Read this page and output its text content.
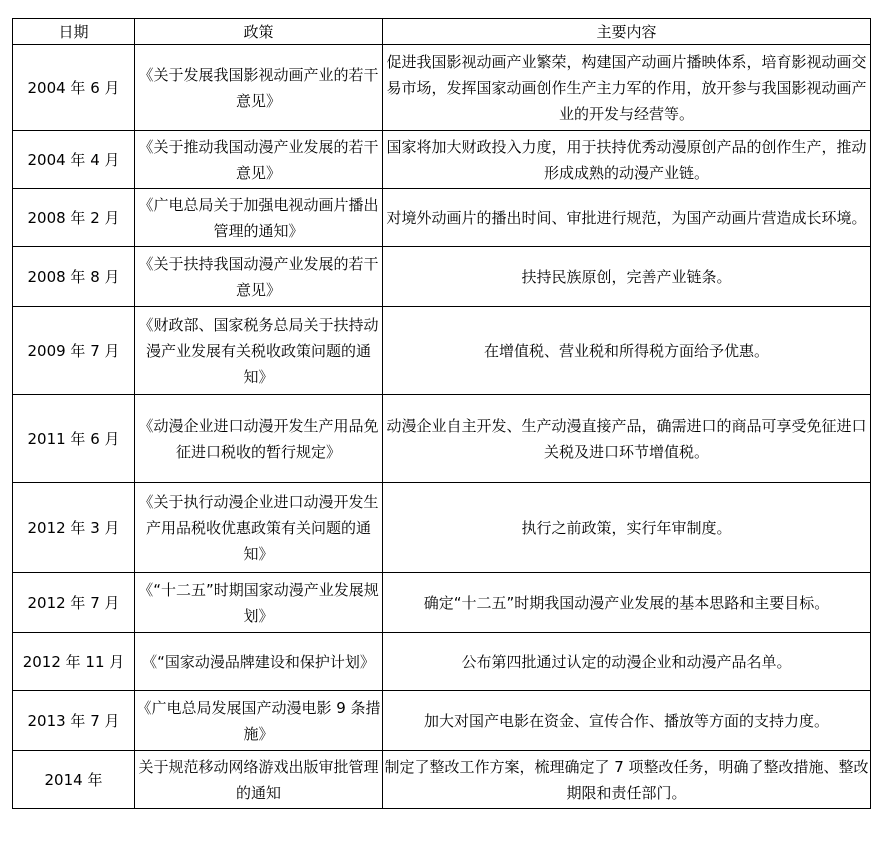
日期	政策	主要内容
2004 年 6 月	《关于发展我国影视动画产业的若干意见》	促进我国影视动画产业繁荣，构建国产动画片播映体系，培育影视动画交易市场，发挥国家动画创作生产主力军的作用，放开参与我国影视动画产业的开发与经营等。
2004 年 4 月	《关于推动我国动漫产业发展的若干意见》	国家将加大财政投入力度，用于扶持优秀动漫原创产品的创作生产，推动形成成熟的动漫产业链。
2008 年 2 月	《广电总局关于加强电视动画片播出管理的通知》	对境外动画片的播出时间、审批进行规范，为国产动画片营造成长环境。
2008 年 8 月	《关于扶持我国动漫产业发展的若干意见》	扶持民族原创，完善产业链条。
2009 年 7 月	《财政部、国家税务总局关于扶持动漫产业发展有关税收政策问题的通知》	在增值税、营业税和所得税方面给予优惠。
2011 年 6 月	《动漫企业进口动漫开发生产用品免征进口税收的暂行规定》	动漫企业自主开发、生产动漫直接产品，确需进口的商品可享受免征进口关税及进口环节增值税。
2012 年 3 月	《关于执行动漫企业进口动漫开发生产用品税收优惠政策有关问题的通知》	执行之前政策，实行年审制度。
2012 年 7 月	《“十二五”时期国家动漫产业发展规划》	确定“十二五”时期我国动漫产业发展的基本思路和主要目标。
2012 年 11 月	《“国家动漫品牌建设和保护计划》	公布第四批通过认定的动漫企业和动漫产品名单。
2013 年 7 月	《广电总局发展国产动漫电影 9 条措施》	加大对国产电影在资金、宣传合作、播放等方面的支持力度。
2014 年	关于规范移动网络游戏出版审批管理的通知	制定了整改工作方案，梳理确定了 7 项整改任务，明确了整改措施、整改期限和责任部门。
